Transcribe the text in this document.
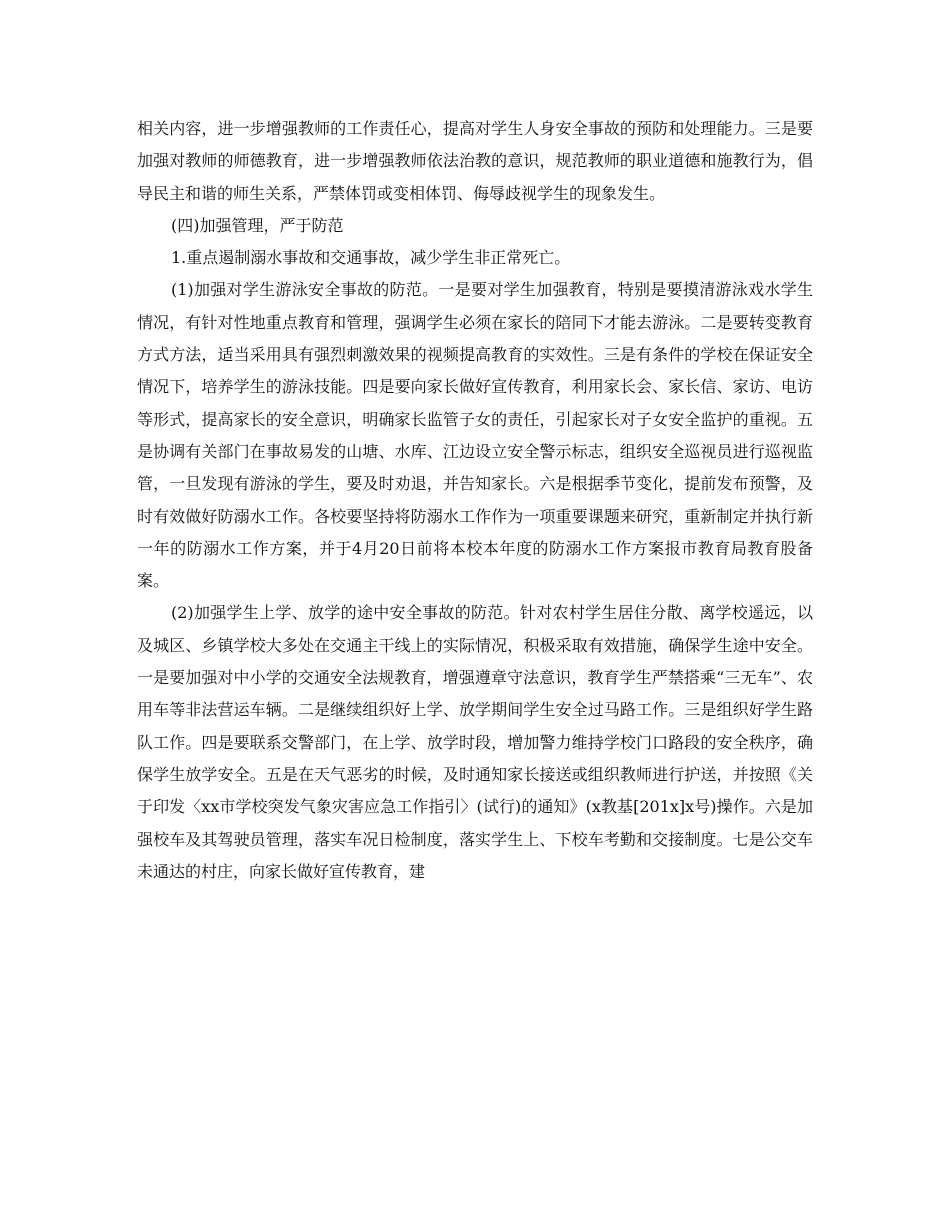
相关内容，进一步增强教师的工作责任心，提高对学生人身安全事故的预防和处理能力。三是要加强对教师的师德教育，进一步增强教师依法治教的意识，规范教师的职业道德和施教行为，倡导民主和谐的师生关系，严禁体罚或变相体罚、侮辱歧视学生的现象发生。

(四)加强管理，严于防范

1.重点遏制溺水事故和交通事故，减少学生非正常死亡。

(1)加强对学生游泳安全事故的防范。一是要对学生加强教育，特别是要摸清游泳戏水学生情况，有针对性地重点教育和管理，强调学生必须在家长的陪同下才能去游泳。二是要转变教育方式方法，适当采用具有强烈刺激效果的视频提高教育的实效性。三是有条件的学校在保证安全情况下，培养学生的游泳技能。四是要向家长做好宣传教育，利用家长会、家长信、家访、电访等形式，提高家长的安全意识，明确家长监管子女的责任，引起家长对子女安全监护的重视。五是协调有关部门在事故易发的山塘、水库、江边设立安全警示标志，组织安全巡视员进行巡视监管，一旦发现有游泳的学生，要及时劝退，并告知家长。六是根据季节变化，提前发布预警，及时有效做好防溺水工作。各校要坚持将防溺水工作作为一项重要课题来研究，重新制定并执行新一年的防溺水工作方案，并于4月20日前将本校本年度的防溺水工作方案报市教育局教育股备案。

(2)加强学生上学、放学的途中安全事故的防范。针对农村学生居住分散、离学校遥远，以及城区、乡镇学校大多处在交通主干线上的实际情况，积极采取有效措施，确保学生途中安全。一是要加强对中小学的交通安全法规教育，增强遵章守法意识，教育学生严禁搭乘“三无车”、农用车等非法营运车辆。二是继续组织好上学、放学期间学生安全过马路工作。三是组织好学生路队工作。四是要联系交警部门，在上学、放学时段，增加警力维持学校门口路段的安全秩序，确保学生放学安全。五是在天气恶劣的时候，及时通知家长接送或组织教师进行护送，并按照《关于印发〈xx市学校突发气象灾害应急工作指引〉(试行)的通知》(x教基[201x]x号)操作。六是加强校车及其驾驶员管理，落实车况日检制度，落实学生上、下校车考勤和交接制度。七是公交车未通达的村庄，向家长做好宣传教育，建
